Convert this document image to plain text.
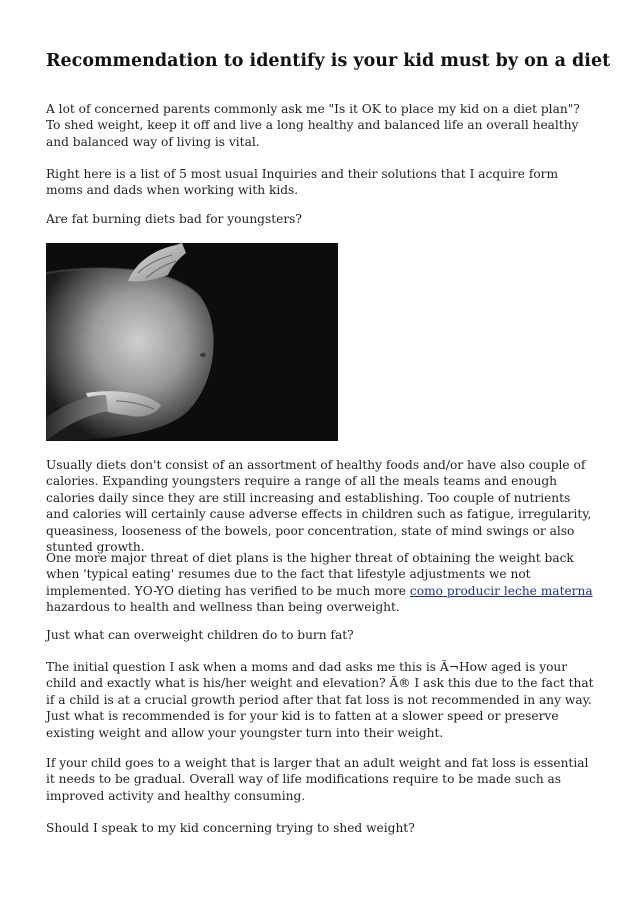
Recommendation to identify is your kid must by on a diet

A lot of concerned parents commonly ask me "Is it OK to place my kid on a diet plan"? To shed weight, keep it off and live a long healthy and balanced life an overall healthy and balanced way of living is vital.

Right here is a list of 5 most usual Inquiries and their solutions that I acquire form moms and dads when working with kids.

Are fat burning diets bad for youngsters?

Usually diets don't consist of an assortment of healthy foods and/or have also couple of calories. Expanding youngsters require a range of all the meals teams and enough calories daily since they are still increasing and establishing. Too couple of nutrients and calories will certainly cause adverse effects in children such as fatigue, irregularity, queasiness, looseness of the bowels, poor concentration, state of mind swings or also stunted growth.

One more major threat of diet plans is the higher threat of obtaining the weight back when 'typical eating' resumes due to the fact that lifestyle adjustments we not implemented. YO-YO dieting has verified to be much more como producir leche materna hazardous to health and wellness than being overweight.

Just what can overweight children do to burn fat?

The initial question I ask when a moms and dad asks me this is Ã¬How aged is your child and exactly what is his/her weight and elevation? Ã® I ask this due to the fact that if a child is at a crucial growth period after that fat loss is not recommended in any way. Just what is recommended is for your kid is to fatten at a slower speed or preserve existing weight and allow your youngster turn into their weight.

If your child goes to a weight that is larger that an adult weight and fat loss is essential it needs to be gradual. Overall way of life modifications require to be made such as improved activity and healthy consuming.

Should I speak to my kid concerning trying to shed weight?
